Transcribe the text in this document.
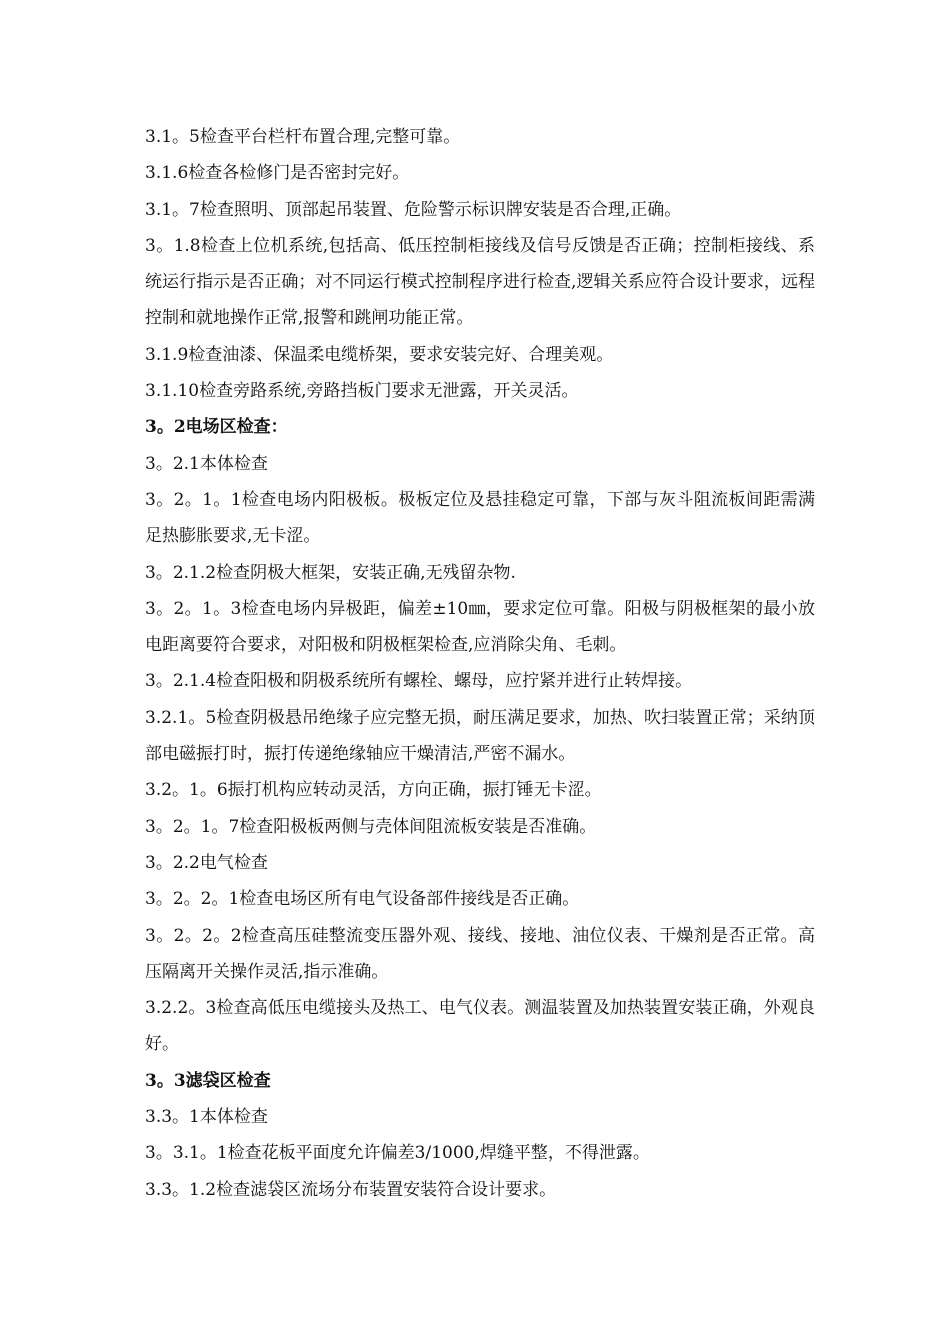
3.1。5检查平台栏杆布置合理,完整可靠。

3.1.6检查各检修门是否密封完好。

3.1。7检查照明、顶部起吊装置、危险警示标识牌安装是否合理,正确。

3。1.8检查上位机系统,包括高、低压控制柜接线及信号反馈是否正确；控制柜接线、系统运行指示是否正确；对不同运行模式控制程序进行检查,逻辑关系应符合设计要求，远程控制和就地操作正常,报警和跳闸功能正常。

3.1.9检查油漆、保温柔电缆桥架，要求安装完好、合理美观。

3.1.10检查旁路系统,旁路挡板门要求无泄露，开关灵活。

3。2电场区检查：

3。2.1本体检查

3。2。1。1检查电场内阳极板。极板定位及悬挂稳定可靠，下部与灰斗阻流板间距需满足热膨胀要求,无卡涩。

3。2.1.2检查阴极大框架，安装正确,无残留杂物.

3。2。1。3检查电场内异极距，偏差±10㎜，要求定位可靠。阳极与阴极框架的最小放电距离要符合要求，对阳极和阴极框架检查,应消除尖角、毛刺。

3。2.1.4检查阳极和阴极系统所有螺栓、螺母，应拧紧并进行止转焊接。

3.2.1。5检查阴极悬吊绝缘子应完整无损，耐压满足要求，加热、吹扫装置正常；采纳顶部电磁振打时，振打传递绝缘轴应干燥清洁,严密不漏水。

3.2。1。6振打机构应转动灵活，方向正确，振打锤无卡涩。

3。2。1。7检查阳极板两侧与壳体间阻流板安装是否准确。

3。2.2电气检查

3。2。2。1检查电场区所有电气设备部件接线是否正确。

3。2。2。2检查高压硅整流变压器外观、接线、接地、油位仪表、干燥剂是否正常。高压隔离开关操作灵活,指示准确。

3.2.2。3检查高低压电缆接头及热工、电气仪表。测温装置及加热装置安装正确，外观良好。

3。3滤袋区检查

3.3。1本体检查

3。3.1。1检查花板平面度允许偏差3/1000,焊缝平整，不得泄露。

3.3。1.2检查滤袋区流场分布装置安装符合设计要求。
